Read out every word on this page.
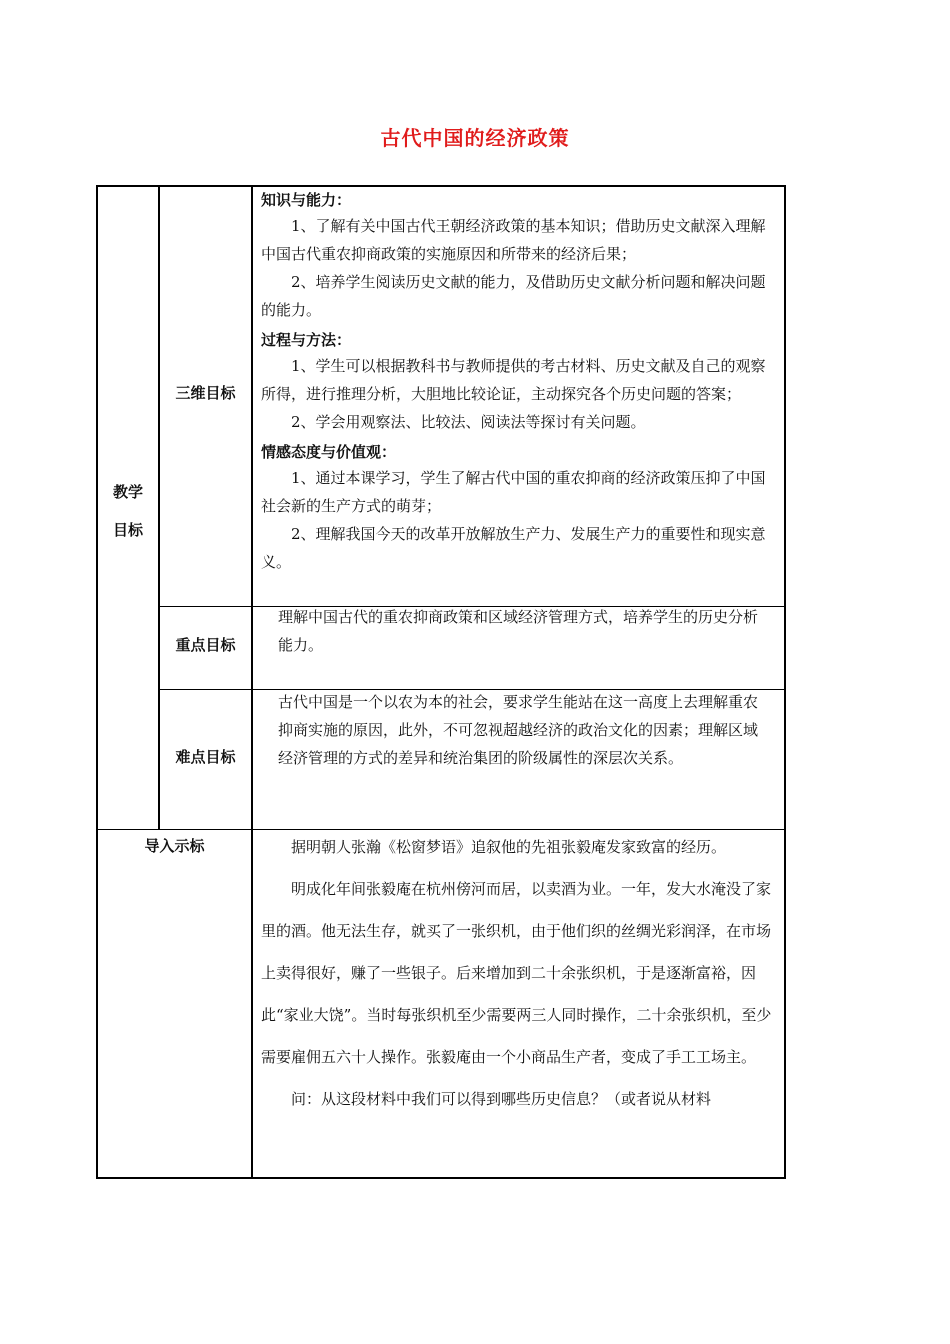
古代中国的经济政策
教学
目标
三维目标

知识与能力：

1、了解有关中国古代王朝经济政策的基本知识；借助历史文献深入理解中国古代重农抑商政策的实施原因和所带来的经济后果；

2、培养学生阅读历史文献的能力，及借助历史文献分析问题和解决问题的能力。

过程与方法：

1、学生可以根据教科书与教师提供的考古材料、历史文献及自己的观察所得，进行推理分析，大胆地比较论证，主动探究各个历史问题的答案；

2、学会用观察法、比较法、阅读法等探讨有关问题。

情感态度与价值观：

1、通过本课学习，学生了解古代中国的重农抑商的经济政策压抑了中国社会新的生产方式的萌芽；

2、理解我国今天的改革开放解放生产力、发展生产力的重要性和现实意义。

重点目标

理解中国古代的重农抑商政策和区域经济管理方式，培养学生的历史分析能力。

难点目标

古代中国是一个以农为本的社会，要求学生能站在这一高度上去理解重农抑商实施的原因，此外，不可忽视超越经济的政治文化的因素；理解区域经济管理的方式的差异和统治集团的阶级属性的深层次关系。

导入示标	据明朝人张瀚《松窗梦语》追叙他的先祖张毅庵发家致富的经历。

明成化年间张毅庵在杭州傍河而居，以卖酒为业。一年，发大水淹没了家里的酒。他无法生存，就买了一张织机，由于他们织的丝绸光彩润泽，在市场上卖得很好，赚了一些银子。后来增加到二十余张织机，于是逐渐富裕，因此“家业大饶”。当时每张织机至少需要两三人同时操作，二十余张织机，至少需要雇佣五六十人操作。张毅庵由一个小商品生产者，变成了手工工场主。

问：从这段材料中我们可以得到哪些历史信息？（或者说从材料
